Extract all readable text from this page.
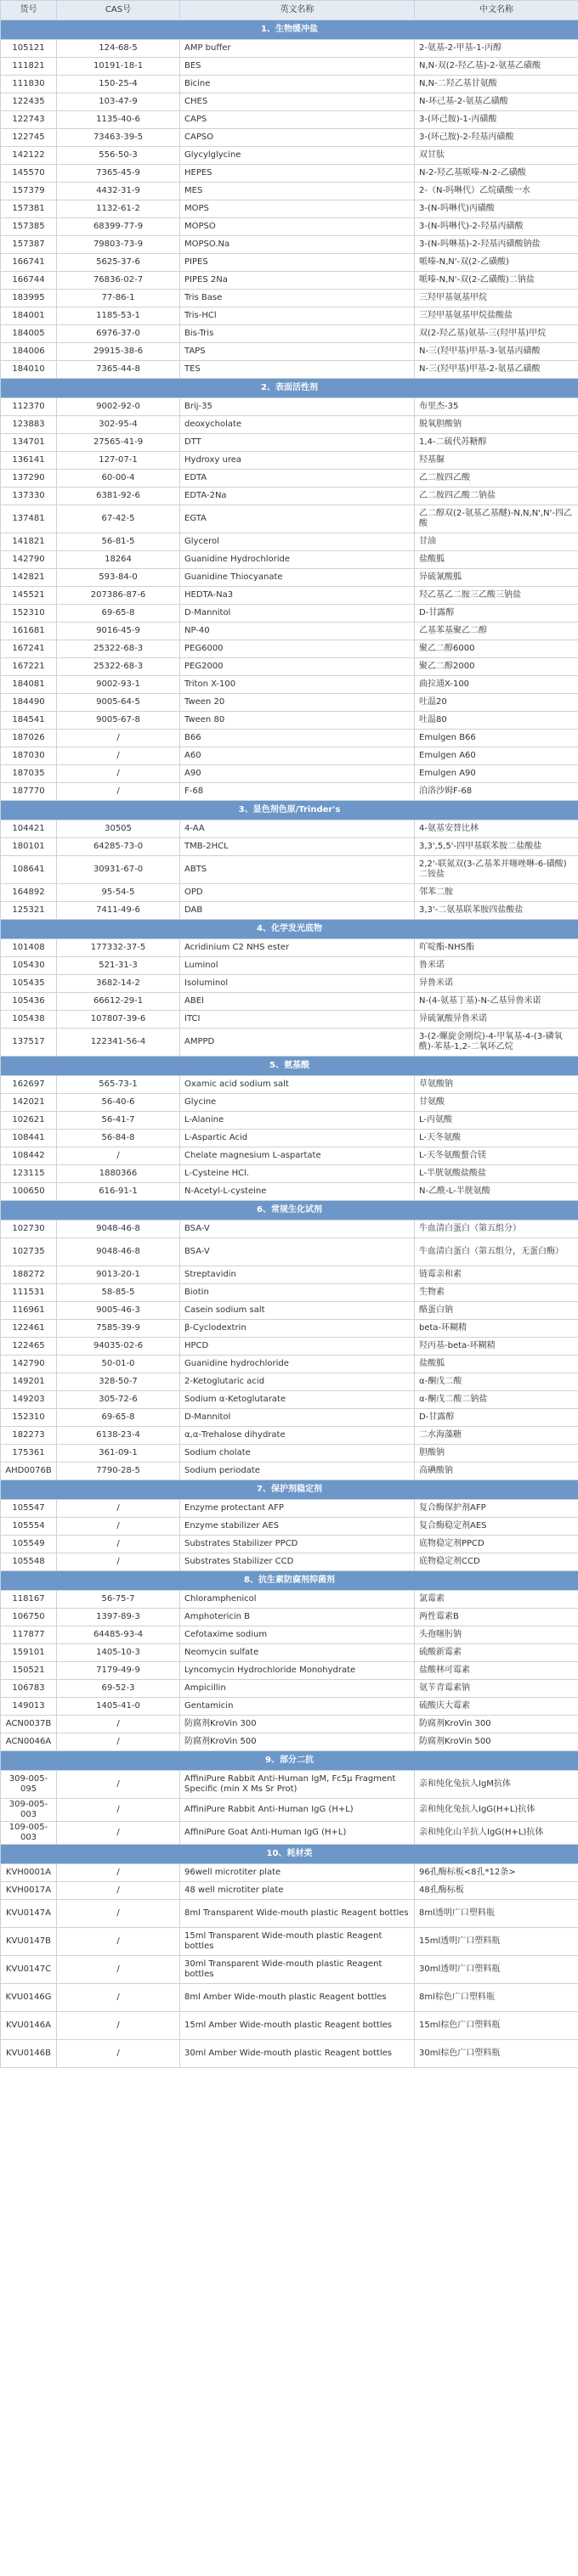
货号	CAS号	英文名称	中文名称
1、生物缓冲盐			
105121	124-68-5	AMP buffer	2-氨基-2-甲基-1-丙醇
111821	10191-18-1	BES	N,N-双(2-羟乙基)-2-氨基乙磺酸
111830	150-25-4	Bicine	N,N-二羟乙基甘氨酸
122435	103-47-9	CHES	N-环己基-2-氨基乙磺酸
122743	1135-40-6	CAPS	3-(环己胺)-1-丙磺酸
122745	73463-39-5	CAPSO	3-(环己胺)-2-羟基丙磺酸
142122	556-50-3	Glycylglycine	双甘肽
145570	7365-45-9	HEPES	N-2-羟乙基哌嗪-N-2-乙磺酸
157379	4432-31-9	MES	2-（N-吗啉代）乙烷磺酸一水
157381	1132-61-2	MOPS	3-(N-吗啉代)丙磺酸
157385	68399-77-9	MOPSO	3-(N-吗啉代)-2-羟基丙磺酸
157387	79803-73-9	MOPSO.Na	3-(N-吗啉基)-2-羟基丙磺酸钠盐
166741	5625-37-6	PIPES	哌嗪-N,N'-双(2-乙磺酸)
166744	76836-02-7	PIPES 2Na	哌嗪-N,N'-双(2-乙磺酸)二钠盐
183995	77-86-1	Tris Base	三羟甲基氨基甲烷
184001	1185-53-1	Tris-HCl	三羟甲基氨基甲烷盐酸盐
184005	6976-37-0	Bis-Tris	双(2-羟乙基)氨基-三(羟甲基)甲烷
184006	29915-38-6	TAPS	N-三(羟甲基)甲基-3-氨基丙磺酸
184010	7365-44-8	TES	N-三(羟甲基)甲基-2-氨基乙磺酸
2、表面活性剂			
112370	9002-92-0	Brij-35	布里杰-35
123883	302-95-4	deoxycholate	脱氧胆酸钠
134701	27565-41-9	DTT	1,4-二硫代苏糖醇
136141	127-07-1	Hydroxy urea	羟基脲
137290	60-00-4	EDTA	乙二胺四乙酸
137330	6381-92-6	EDTA-2Na	乙二胺四乙酸二钠盐
137481	67-42-5	EGTA	乙二醇双(2-氨基乙基醚)-N,N,N',N'-四乙酸
141821	56-81-5	Glycerol	甘油
142790	18264	Guanidine Hydrochloride	盐酸胍
142821	593-84-0	Guanidine Thiocyanate	异硫氰酸胍
145521	207386-87-6	HEDTA-Na3	羟乙基乙二胺三乙酸三钠盐
152310	69-65-8	D-Mannitol	D-甘露醇
161681	9016-45-9	NP-40	乙基苯基聚乙二醇
167241	25322-68-3	PEG6000	聚乙二醇6000
167221	25322-68-3	PEG2000	聚乙二醇2000
184081	9002-93-1	Triton X-100	曲拉通X-100
184490	9005-64-5	Tween 20	吐温20
184541	9005-67-8	Tween 80	吐温80
187026	/	B66	Emulgen B66
187030	/	A60	Emulgen A60
187035	/	A90	Emulgen A90
187770	/	F-68	泊洛沙姆F-68
3、显色剂色原/Trinder's			
104421	30505	4-AA	4-氨基安替比林
180101	64285-73-0	TMB-2HCL	3,3',5,5'-四甲基联苯胺二盐酸盐
108641	30931-67-0	ABTS	2,2'-联氮双(3-乙基苯并噻唑啉-6-磺酸)二铵盐
164892	95-54-5	OPD	邻苯二胺
125321	7411-49-6	DAB	3,3'-二氨基联苯胺四盐酸盐
4、化学发光底物			
101408	177332-37-5	Acridinium C2 NHS ester	吖啶酯-NHS酯
105430	521-31-3	Luminol	鲁米诺
105435	3682-14-2	Isoluminol	异鲁米诺
105436	66612-29-1	ABEI	N-(4-氨基丁基)-N-乙基异鲁米诺
105438	107807-39-6	ITCI	异硫氰酸异鲁米诺
137517	122341-56-4	AMPPD	3-(2-螺旋金刚烷)-4-甲氧基-4-(3-磷氧酰)-苯基-1,2-二氧环乙烷
5、氨基酸			
162697	565-73-1	Oxamic acid sodium salt	草氨酸钠
142021	56-40-6	Glycine	甘氨酸
102621	56-41-7	L-Alanine	L-丙氨酸
108441	56-84-8	L-Aspartic Acid	L-天冬氨酸
108442	/	Chelate magnesium L-aspartate	L-天冬氨酸螯合镁
123115	1880366	L-Cysteine HCl.	L-半胱氨酸盐酸盐
100650	616-91-1	N-Acetyl-L-cysteine	N-乙酰-L-半胱氨酸
6、常规生化试剂			
102730	9048-46-8	BSA-V	牛血清白蛋白（第五组分）
102735	9048-46-8	BSA-V	牛血清白蛋白（第五组分，无蛋白酶）
188272	9013-20-1	Streptavidin	链霉亲和素
111531	58-85-5	Biotin	生物素
116961	9005-46-3	Casein sodium salt	酪蛋白钠
122461	7585-39-9	β-Cyclodextrin	beta-环糊精
122465	94035-02-6	HPCD	羟丙基-beta-环糊精
142790	50-01-0	Guanidine hydrochloride	盐酸胍
149201	328-50-7	2-Ketoglutaric acid	α-酮戊二酸
149203	305-72-6	Sodium α-Ketoglutarate	α-酮戊二酸二钠盐
152310	69-65-8	D-Mannitol	D-甘露醇
182273	6138-23-4	α,α-Trehalose dihydrate	二水海藻糖
175361	361-09-1	Sodium cholate	胆酸钠
AHD0076B	7790-28-5	Sodium periodate	高碘酸钠
7、保护剂稳定剂			
105547	/	Enzyme protectant AFP	复合酶保护剂AFP
105554	/	Enzyme stabilizer AES	复合酶稳定剂AES
105549	/	Substrates Stabilizer PPCD	底物稳定剂PPCD
105548	/	Substrates Stabilizer CCD	底物稳定剂CCD
8、抗生素防腐剂抑菌剂			
118167	56-75-7	Chloramphenicol	氯霉素
106750	1397-89-3	Amphotericin B	两性霉素B
117877	64485-93-4	Cefotaxime sodium	头孢噻肟钠
159101	1405-10-3	Neomycin sulfate	硫酸新霉素
150521	7179-49-9	Lyncomycin Hydrochloride Monohydrate	盐酸林可霉素
106783	69-52-3	Ampicillin	氨苄青霉素钠
149013	1405-41-0	Gentamicin	硫酸庆大霉素
ACN0037B	/	防腐剂KroVin 300	防腐剂KroVin 300
ACN0046A	/	防腐剂KroVin 500	防腐剂KroVin 500
9、部分二抗			
309-005-095	/	AffiniPure Rabbit Anti-Human IgM, Fc5μ Fragment Specific (min X Ms Sr Prot)	亲和纯化兔抗人IgM抗体
309-005-003	/	AffiniPure Rabbit Anti-Human IgG (H+L)	亲和纯化兔抗人IgG(H+L)抗体
109-005-003	/	AffiniPure Goat Anti-Human IgG (H+L)	亲和纯化山羊抗人IgG(H+L)抗体
10、耗材类			
KVH0001A	/	96well microtiter plate	96孔酶标板<8孔*12条>
KVH0017A	/	48 well microtiter plate	48孔酶标板
KVU0147A	/	8ml Transparent Wide-mouth plastic Reagent bottles	8ml透明广口塑料瓶
KVU0147B	/	15ml Transparent Wide-mouth plastic Reagent bottles	15ml透明广口塑料瓶
KVU0147C	/	30ml Transparent Wide-mouth plastic Reagent bottles	30ml透明广口塑料瓶
KVU0146G	/	8ml Amber Wide-mouth plastic Reagent bottles	8ml棕色广口塑料瓶
KVU0146A	/	15ml Amber Wide-mouth plastic Reagent bottles	15ml棕色广口塑料瓶
KVU0146B	/	30ml Amber Wide-mouth plastic Reagent bottles	30ml棕色广口塑料瓶
